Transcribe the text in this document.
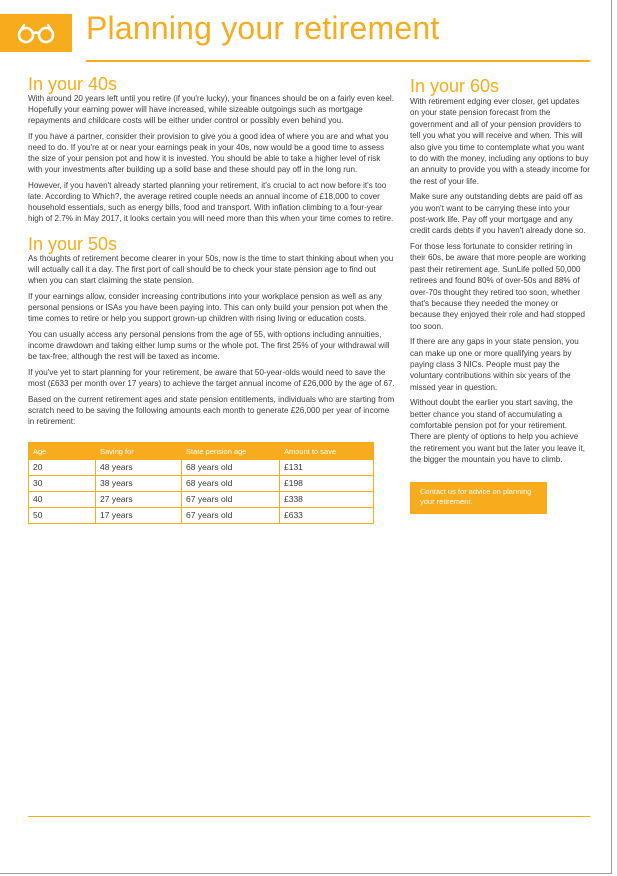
Planning your retirement
In your 40s

With around 20 years left until you retire (if you're lucky), your finances should be on a fairly even keel. Hopefully your earning power will have increased, while sizeable outgoings such as mortgage repayments and childcare costs will be either under control or possibly even behind you.

If you have a partner, consider their provision to give you a good idea of where you are and what you need to do. If you're at or near your earnings peak in your 40s, now would be a good time to assess the size of your pension pot and how it is invested. You should be able to take a higher level of risk with your investments after building up a solid base and these should pay off in the long run.

However, if you haven't already started planning your retirement, it's crucial to act now before it's too late. According to Which?, the average retired couple needs an annual income of £18,000 to cover household essentials, such as energy bills, food and transport. With inflation climbing to a four-year high of 2.7% in May 2017, it looks certain you will need more than this when your time comes to retire.

In your 50s

As thoughts of retirement become clearer in your 50s, now is the time to start thinking about when you will actually call it a day. The first port of call should be to check your state pension age to find out when you can start claiming the state pension.

If your earnings allow, consider increasing contributions into your workplace pension as well as any personal pensions or ISAs you have been paying into. This can only build your pension pot when the time comes to retire or help you support grown-up children with rising living or education costs.

You can usually access any personal pensions from the age of 55, with options including annuities, income drawdown and taking either lump sums or the whole pot. The first 25% of your withdrawal will be tax-free, although the rest will be taxed as income.

If you've yet to start planning for your retirement, be aware that 50-year-olds would need to save the most (£633 per month over 17 years) to achieve the target annual income of £26,000 by the age of 67.

Based on the current retirement ages and state pension entitlements, individuals who are starting from scratch need to be saving the following amounts each month to generate £26,000 per year of income in retirement:

Age	Saving for	State pension age	Amount to save
20	48 years	68 years old	£131
30	38 years	68 years old	£198
40	27 years	67 years old	£338
50	17 years	67 years old	£633
In your 60s

With retirement edging ever closer, get updates on your state pension forecast from the government and all of your pension providers to tell you what you will receive and when. This will also give you time to contemplate what you want to do with the money, including any options to buy an annuity to provide you with a steady income for the rest of your life.

Make sure any outstanding debts are paid off as you won't want to be carrying these into your post-work life. Pay off your mortgage and any credit cards debts if you haven't already done so.

For those less fortunate to consider retiring in their 60s, be aware that more people are working past their retirement age. SunLife polled 50,000 retirees and found 80% of over-50s and 88% of over-70s thought they retired too soon, whether that's because they needed the money or because they enjoyed their role and had stopped too soon.

If there are any gaps in your state pension, you can make up one or more qualifying years by paying class 3 NICs. People must pay the voluntary contributions within six years of the missed year in question.

Without doubt the earlier you start saving, the better chance you stand of accumulating a comfortable pension pot for your retirement. There are plenty of options to help you achieve the retirement you want but the later you leave it, the bigger the mountain you have to climb.

Contact us for advice on planning your retirement.
